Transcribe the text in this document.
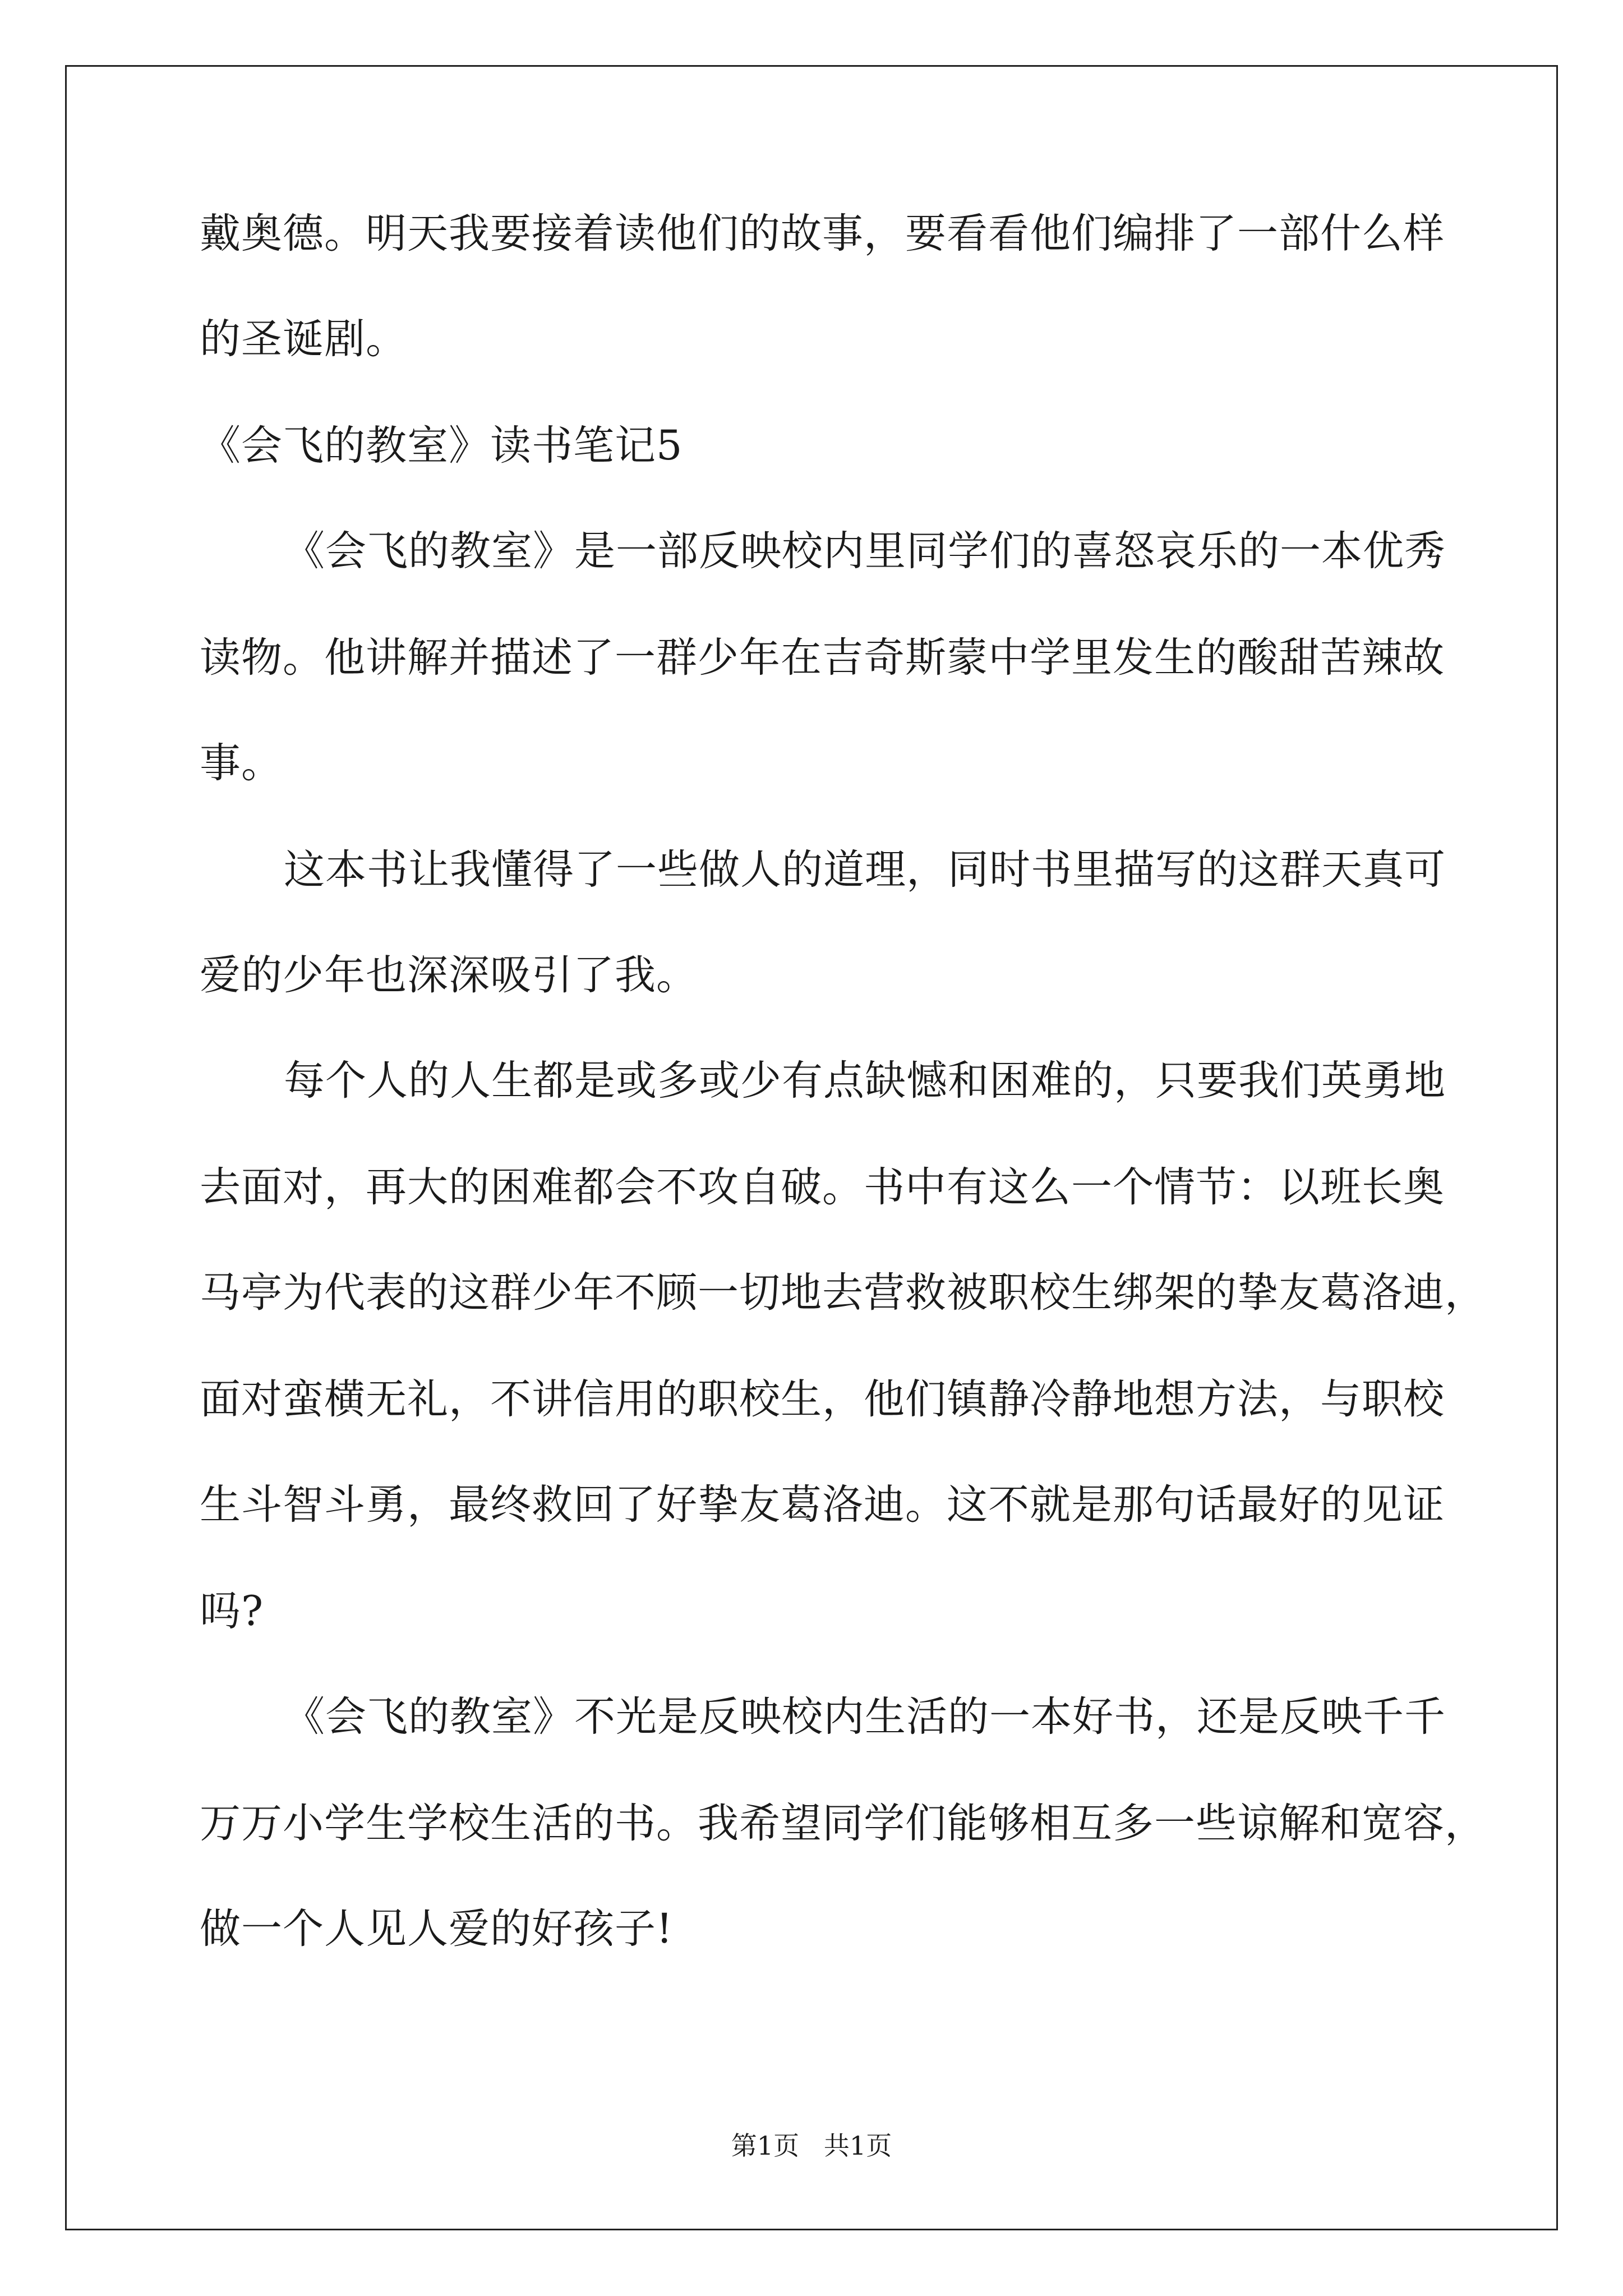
戴奥德。明天我要接着读他们的故事，要看看他们编排了一部什么样
的圣诞剧。
《会飞的教室》读书笔记5
《会飞的教室》是一部反映校内里同学们的喜怒哀乐的一本优秀
读物。他讲解并描述了一群少年在吉奇斯蒙中学里发生的酸甜苦辣故
事。
这本书让我懂得了一些做人的道理，同时书里描写的这群天真可
爱的少年也深深吸引了我。
每个人的人生都是或多或少有点缺憾和困难的，只要我们英勇地
去面对，再大的困难都会不攻自破。书中有这么一个情节：以班长奥
马亭为代表的这群少年不顾一切地去营救被职校生绑架的挚友葛洛迪，
面对蛮横无礼，不讲信用的职校生，他们镇静冷静地想方法，与职校
生斗智斗勇，最终救回了好挚友葛洛迪。这不就是那句话最好的见证
吗?
《会飞的教室》不光是反映校内生活的一本好书，还是反映千千
万万小学生学校生活的书。我希望同学们能够相互多一些谅解和宽容，
做一个人见人爱的好孩子!
第1页   共1页
